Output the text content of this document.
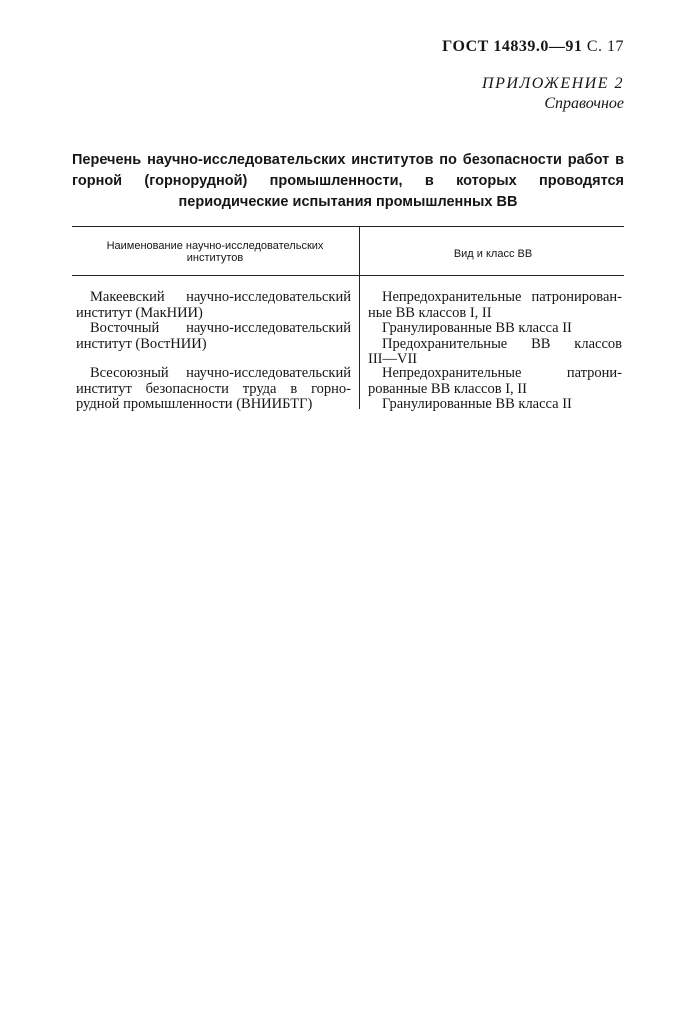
ГОСТ 14839.0—91 С. 17
ПРИЛОЖЕНИЕ 2
Справочное
Перечень научно-исследовательских институтов по безопасности работ в горной (горнорудной) промышленности, в которых проводятся периодические испытания промышленных ВВ
Наименование научно-исследовательских институтов	Вид и класс ВВ
Макеевский научно-исследовательский
институт (МакНИИ)
Непредохранительные патронирован-
ные ВВ классов I, II
Восточный научно-исследовательский
институт (ВостНИИ)
Гранулированные ВВ класса II
Предохранительные ВВ классов
III—VII
Всесоюзный научно-исследовательский
институт безопасности труда в горно-
рудной промышленности (ВНИИБТГ)
Непредохранительные патрони-
рованные ВВ классов I, II
Гранулированные ВВ класса II
